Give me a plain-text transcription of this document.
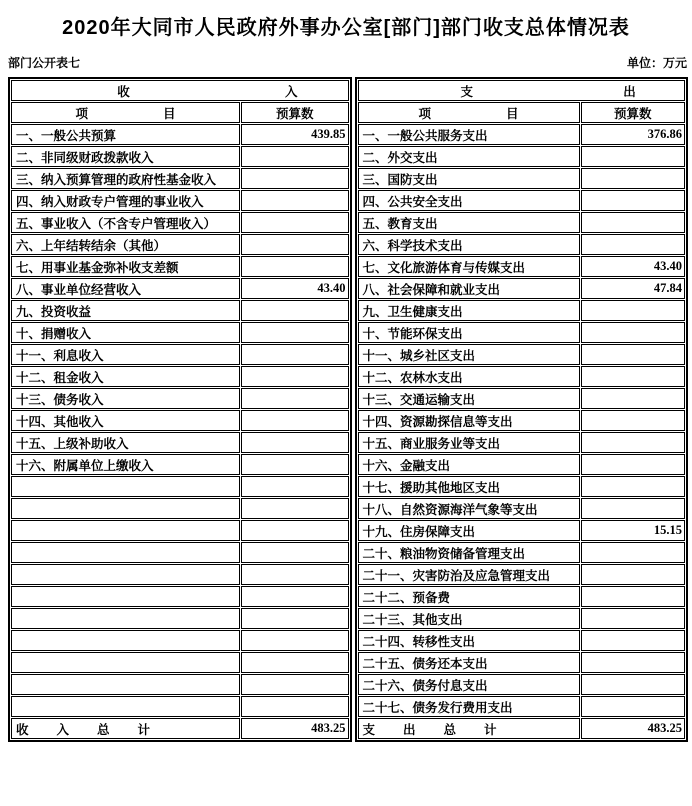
2020年大同市人民政府外事办公室[部门]部门收支总体情况表
部门公开表七	单位：万元
收 入	

项　　　　　　目	预算数
一、一般公共预算	439.85
二、非同级财政拨款收入	
三、纳入预算管理的政府性基金收入	
四、纳入财政专户管理的事业收入	
五、事业收入（不含专户管理收入）	
六、上年结转结余（其他）	
七、用事业基金弥补收支差额	
八、事业单位经营收入	43.40
九、投资收益	
十、捐赠收入	
十一、利息收入	
十二、租金收入	
十三、债务收入	
十四、其他收入	
十五、上级补助收入	
十六、附属单位上缴收入	

收　　入　　总　　计	483.25
支 出	

项　　　　　　目	预算数
一、一般公共服务支出	376.86
二、外交支出	
三、国防支出	
四、公共安全支出	
五、教育支出	
六、科学技术支出	
七、文化旅游体育与传媒支出	43.40
八、社会保障和就业支出	47.84
九、卫生健康支出	
十、节能环保支出	
十一、城乡社区支出	
十二、农林水支出	
十三、交通运输支出	
十四、资源勘探信息等支出	
十五、商业服务业等支出	
十六、金融支出	
十七、援助其他地区支出	
十八、自然资源海洋气象等支出	
十九、住房保障支出	15.15
二十、粮油物资储备管理支出	
二十一、灾害防治及应急管理支出	
二十二、预备费	
二十三、其他支出	
二十四、转移性支出	
二十五、债务还本支出	
二十六、债务付息支出	
二十七、债务发行费用支出	
支　　出　　总　　计	483.25
